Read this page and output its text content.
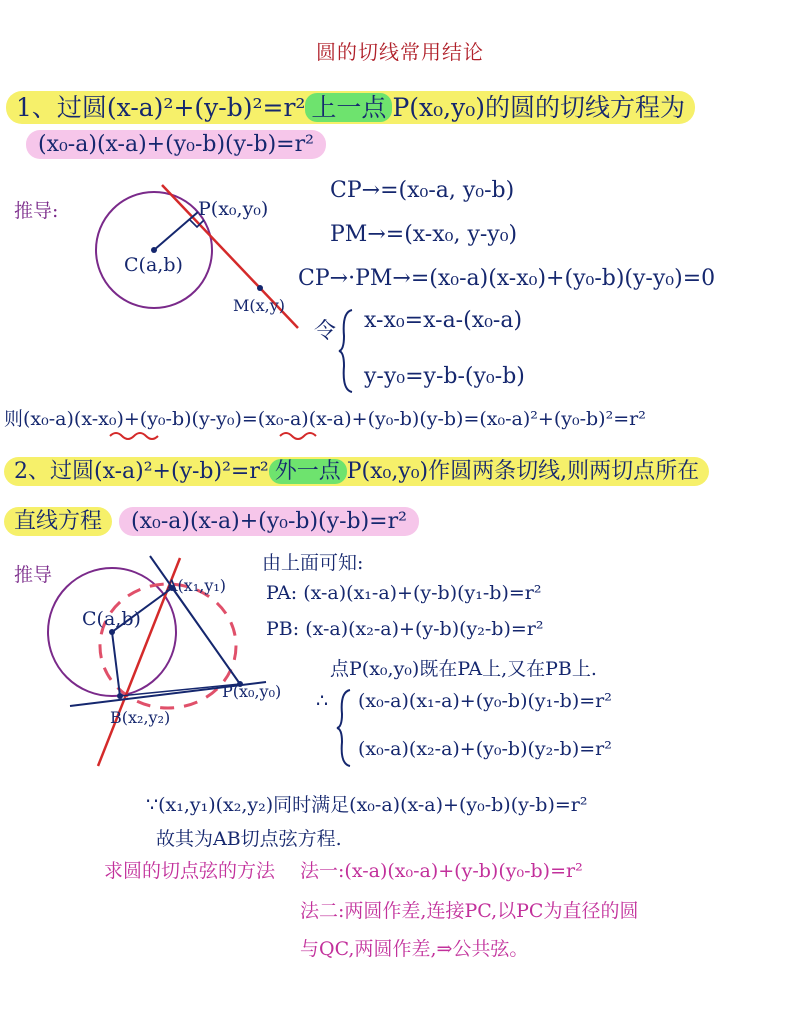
圆的切线常用结论
1、过圆(x-a)²+(y-b)²=r² 上一点 P(x₀,y₀)的圆的切线方程为
(x₀-a)(x-a)+(y₀-b)(y-b)=r²
推导:	P(x₀,y₀)
C(a,b)
M(x,y)
CP→=(x₀-a, y₀-b)
PM→=(x-x₀, y-y₀)
CP→·PM→=(x₀-a)(x-x₀)+(y₀-b)(y-y₀)=0
令 x-x₀=x-a-(x₀-a)
y-y₀=y-b-(y₀-b)
则(x₀-a)(x-x₀)+(y₀-b)(y-y₀)=(x₀-a)(x-a)+(y₀-b)(y-b)=(x₀-a)²+(y₀-b)²=r²
2、过圆(x-a)²+(y-b)²=r² 外一点 P(x₀,y₀)作圆两条切线,则两切点所在
直线方程 (x₀-a)(x-a)+(y₀-b)(y-b)=r²
推导	A(x₁,y₁)
C(a,b)
P(x₀,y₀)
B(x₂,y₂)
由上面可知:
PA: (x-a)(x₁-a)+(y-b)(y₁-b)=r²
PB: (x-a)(x₂-a)+(y-b)(y₂-b)=r²
点P(x₀,y₀)既在PA上,又在PB上.
∴ (x₀-a)(x₁-a)+(y₀-b)(y₁-b)=r²
(x₀-a)(x₂-a)+(y₀-b)(y₂-b)=r²
∵(x₁,y₁)(x₂,y₂)同时满足(x₀-a)(x-a)+(y₀-b)(y-b)=r²
故其为AB切点弦方程.
求圆的切点弦的方法 法一:(x-a)(x₀-a)+(y-b)(y₀-b)=r²
法二:两圆作差,连接PC,以PC为直径的圆
与QC,两圆作差,⇒公共弦。
